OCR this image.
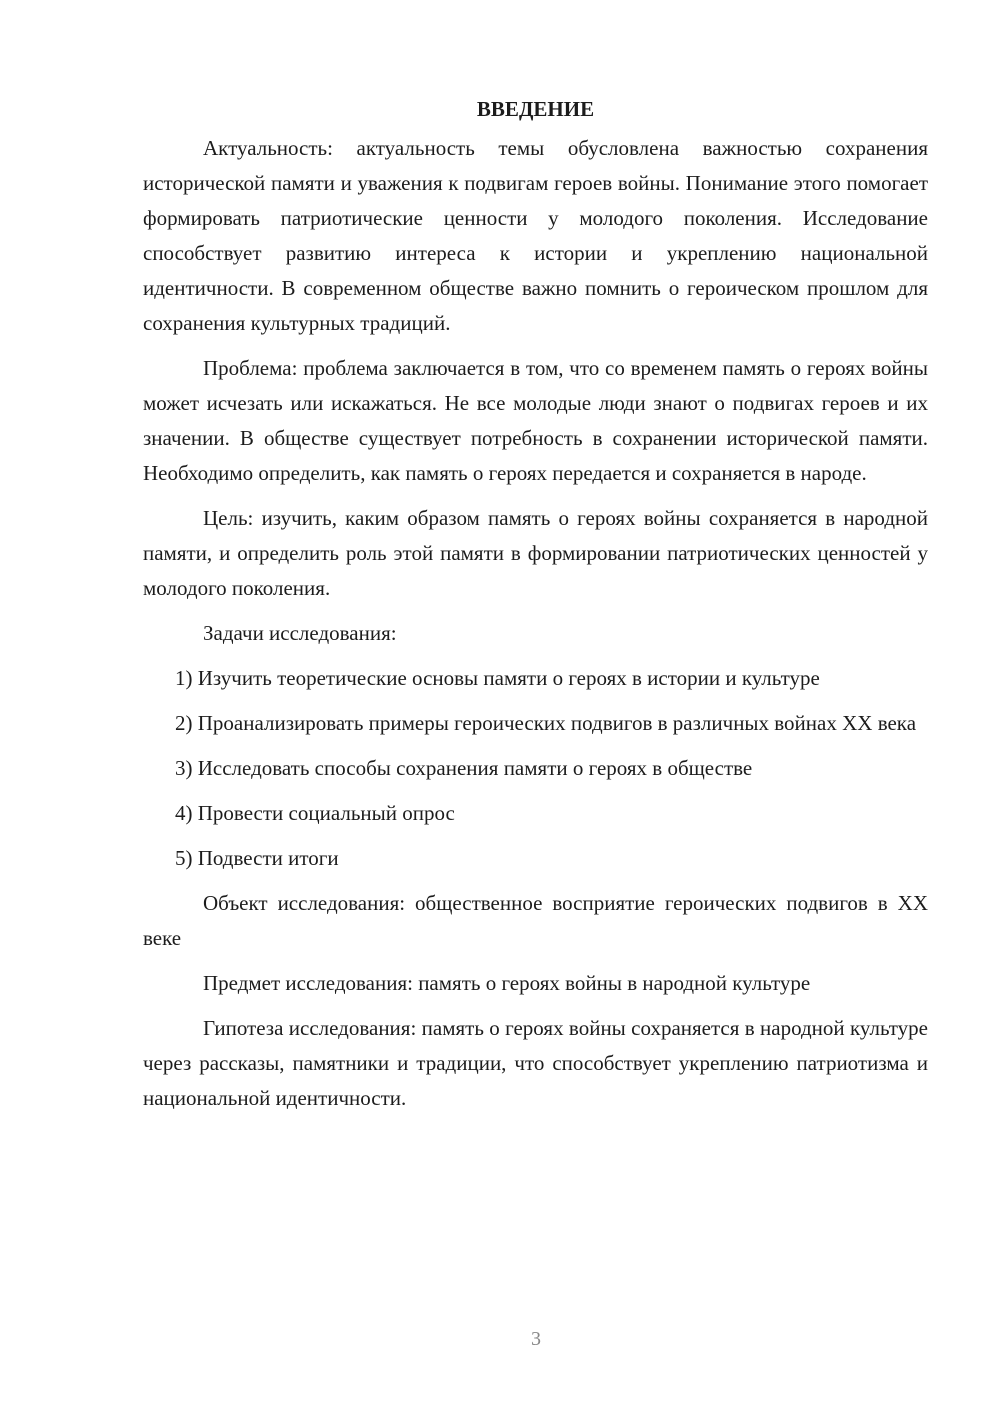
ВВЕДЕНИЕ

Актуальность: актуальность темы обусловлена важностью сохранения исторической памяти и уважения к подвигам героев войны. Понимание этого помогает формировать патриотические ценности у молодого поколения. Исследование способствует развитию интереса к истории и укреплению национальной идентичности. В современном обществе важно помнить о героическом прошлом для сохранения культурных традиций.

Проблема: проблема заключается в том, что со временем память о героях войны может исчезать или искажаться. Не все молодые люди знают о подвигах героев и их значении. В обществе существует потребность в сохранении исторической памяти. Необходимо определить, как память о героях передается и сохраняется в народе.

Цель: изучить, каким образом память о героях войны сохраняется в народной памяти, и определить роль этой памяти в формировании патриотических ценностей у молодого поколения.

Задачи исследования:

1) Изучить теоретические основы памяти о героях в истории и культуре

2) Проанализировать примеры героических подвигов в различных войнах XX века

3) Исследовать способы сохранения памяти о героях в обществе

4) Провести социальный опрос

5) Подвести итоги

Объект исследования: общественное восприятие героических подвигов в XX веке

Предмет исследования: память о героях войны в народной культуре

Гипотеза исследования: память о героях войны сохраняется в народной культуре через рассказы, памятники и традиции, что способствует укреплению патриотизма и национальной идентичности.

3
